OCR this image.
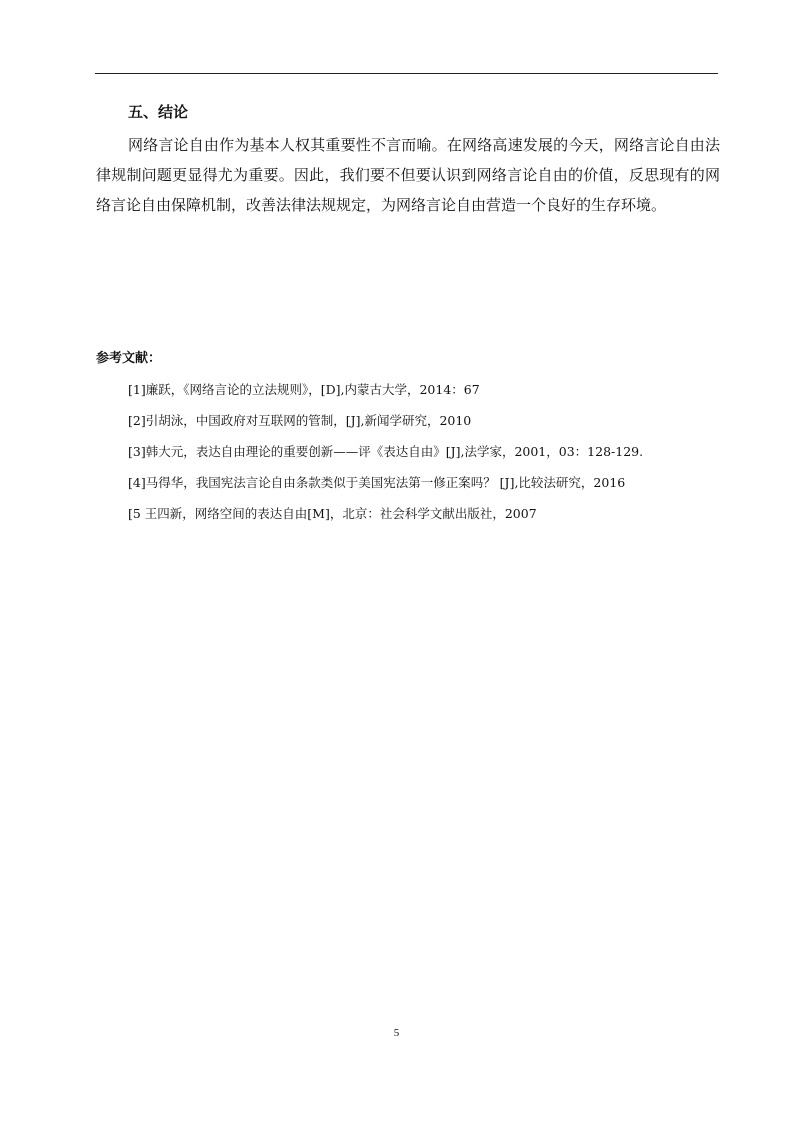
五、结论

网络言论自由作为基本人权其重要性不言而喻。在网络高速发展的今天，网络言论自由法律规制问题更显得尤为重要。因此，我们要不但要认识到网络言论自由的价值，反思现有的网络言论自由保障机制，改善法律法规规定，为网络言论自由营造一个良好的生存环境。

参考文献：
[1]廉跃，《网络言论的立法规则》，[D],内蒙古大学，2014：67
[2]引胡泳，中国政府对互联网的管制，[J],新闻学研究，2010
[3]韩大元，表达自由理论的重要创新——评《表达自由》[J],法学家，2001，03：128-129.
[4]马得华，我国宪法言论自由条款类似于美国宪法第一修正案吗？ [J],比较法研究，2016
[5 王四新，网络空间的表达自由[M]，北京：社会科学文献出版社，2007
5
